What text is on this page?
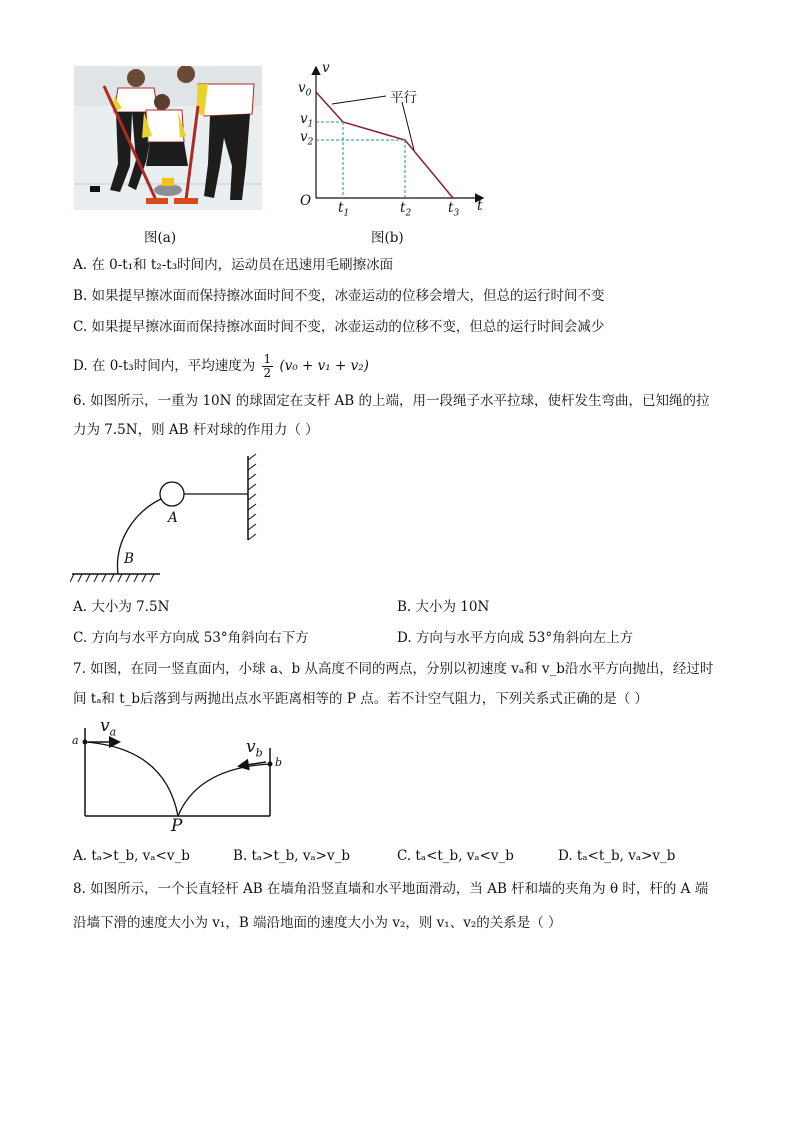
图(a)
v
t
O
平行
$v_0$
$v_1$
$v_2$
$t_1$	$t_2$	$t_3$
图(b)
A. 在 0-t₁和 t₂-t₃时间内，运动员在迅速用毛刷擦冰面
B. 如果提早擦冰面而保持擦冰面时间不变，冰壶运动的位移会增大，但总的运行时间不变
C. 如果提早擦冰面而保持擦冰面时间不变，冰壶运动的位移不变，但总的运行时间会减少
D. 在 0-t₃时间内，平均速度为 $\frac{1}{2} (v_0 + v_1 + v_2)$
6. 如图所示，一重为 10N 的球固定在支杆 AB 的上端，用一段绳子水平拉球，使杆发生弯曲，已知绳的拉
力为 7.5N，则 AB 杆对球的作用力（ ）
A
B
A. 大小为 7.5N	B. 大小为 10N
C. 方向与水平方向成 53°角斜向右下方	D. 方向与水平方向成 53°角斜向左上方
7. 如图，在同一竖直面内，小球 a、b 从高度不同的两点，分别以初速度 vₐ和 v_b沿水平方向抛出，经过时
间 tₐ和 t_b后落到与两抛出点水平距离相等的 P 点。若不计空气阻力，下列关系式正确的是（ ）
a
b
$v_a$
$v_b$
P
A. tₐ>t_b, vₐ<v_b	B. tₐ>t_b, vₐ>v_b	C. tₐ<t_b, vₐ<v_b	D. tₐ<t_b, vₐ>v_b
8. 如图所示，一个长直轻杆 AB 在墙角沿竖直墙和水平地面滑动，当 AB 杆和墙的夹角为 θ 时，杆的 A 端
沿墙下滑的速度大小为 v₁，B 端沿地面的速度大小为 v₂，则 v₁、v₂的关系是（ ）
